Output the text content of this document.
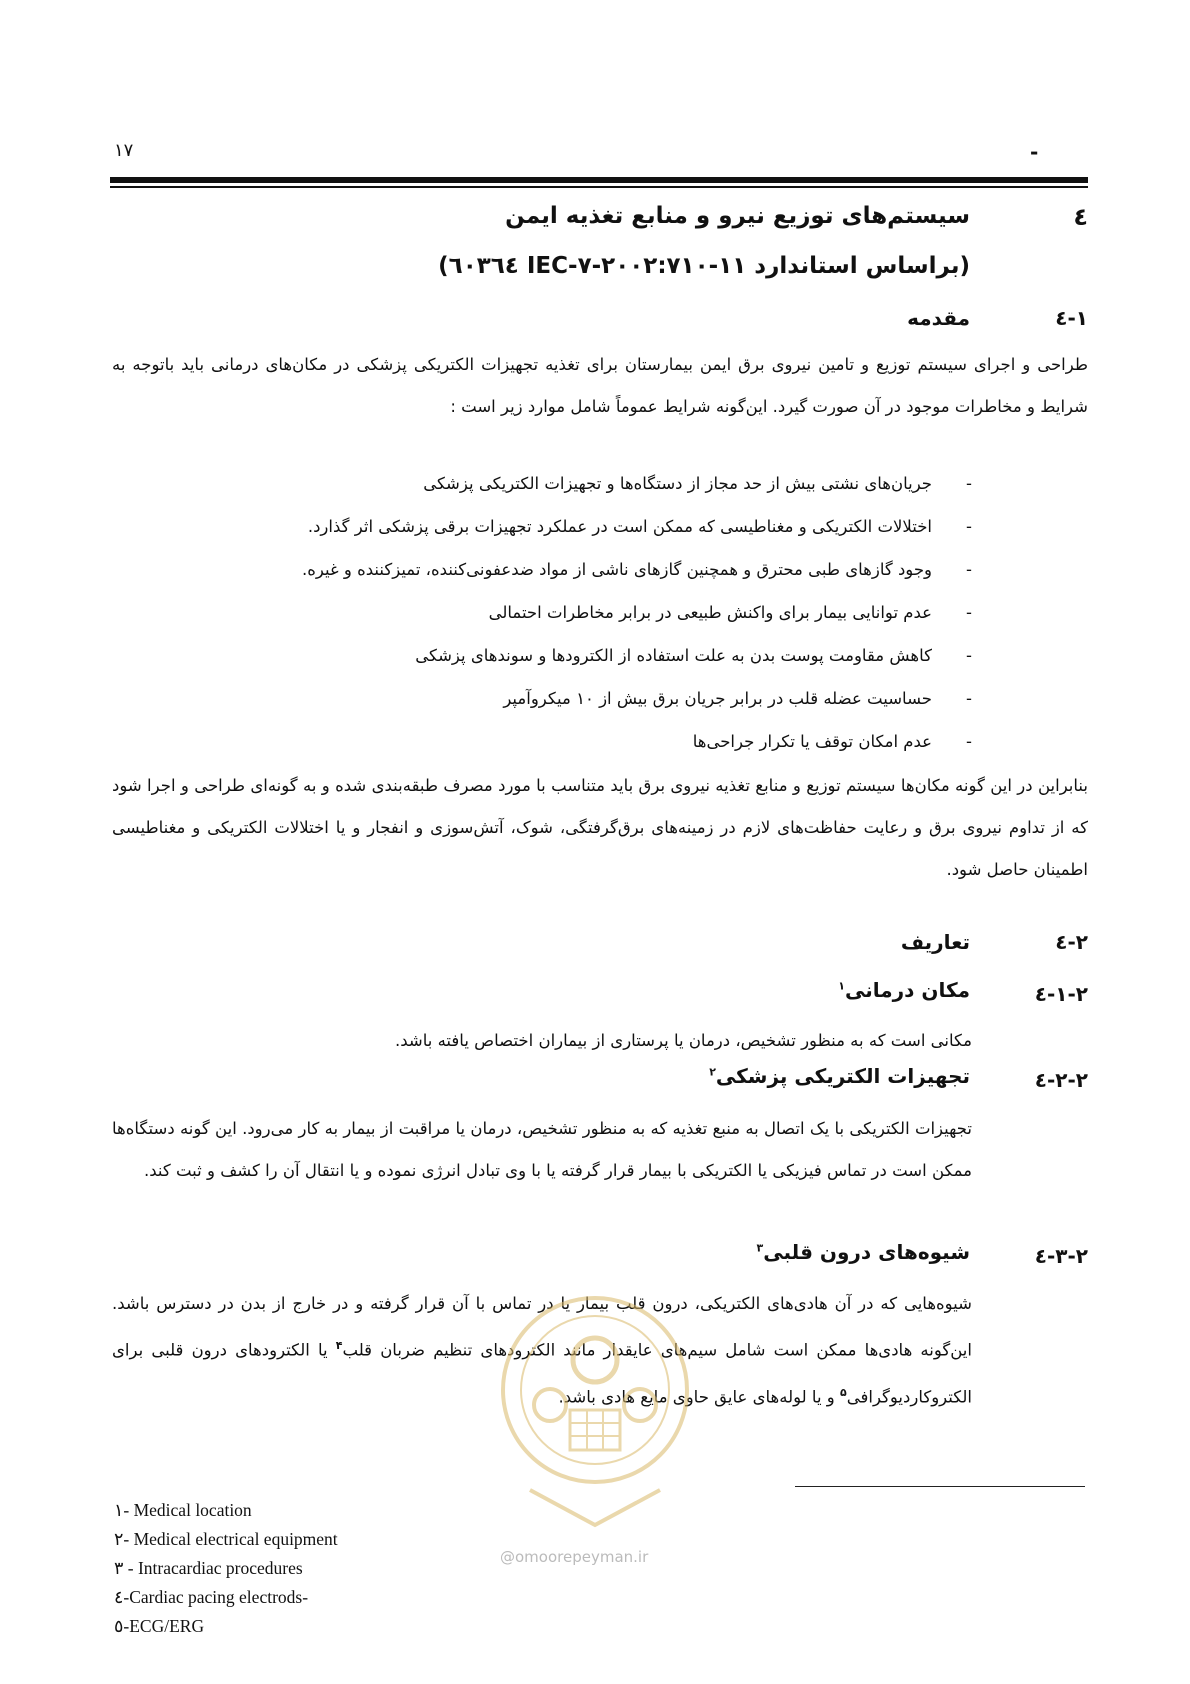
۱۷	-
٤
سیستم‌های توزیع نیرو و منابع تغذیه ایمن
(براساس استاندارد ۱۱-۲۰۰۲:۷۱۰-۷-IEC ٦٠٣٦٤)
۱-٤
مقدمه
طراحی و اجرای سیستم توزیع و تامین نیروی برق ایمن بیمارستان برای تغذیه تجهیزات الکتریکی پزشکی در مکان‌های درمانی باید باتوجه به شرایط و مخاطرات موجود در آن صورت گیرد. این‌گونه شرایط عموماً شامل موارد زیر است :
-جریان‌های نشتی بیش از حد مجاز از دستگاه‌ها و تجهیزات الکتریکی پزشکی
-اختلالات الکتریکی و مغناطیسی که ممکن است در عملکرد تجهیزات برقی پزشکی اثر گذارد.
-وجود گازهای طبی محترق و همچنین گازهای ناشی از مواد ضدعفونی‌کننده، تمیزکننده و غیره.
-عدم توانایی بیمار برای واکنش طبیعی در برابر مخاطرات احتمالی
-کاهش مقاومت پوست بدن به علت استفاده از الکترودها و سوندهای پزشکی
-حساسیت عضله قلب در برابر جریان برق بیش از ۱۰ میکروآمپر
-عدم امکان توقف یا تکرار جراحی‌ها
بنابراین در این گونه مکان‌ها سیستم توزیع و منابع تغذیه نیروی برق باید متناسب با مورد مصرف طبقه‌بندی شده و به گونه‌ای طراحی و اجرا شود که از تداوم نیروی برق و رعایت حفاظت‌های لازم در زمینه‌های برق‌گرفتگی، شوک، آتش‌سوزی و انفجار و یا اختلالات الکتریکی و مغناطیسی اطمینان حاصل شود.
۲-٤
تعاریف
۱-۲-٤
مکان درمانی$^۱$
مکانی است که به منظور تشخیص، درمان یا پرستاری از بیماران اختصاص یافته باشد.
۲-۲-٤
تجهیزات الکتریکی پزشکی$^۲$
تجهیزات الکتریکی با یک اتصال به منبع تغذیه که به منظور تشخیص، درمان یا مراقبت از بیمار به کار می‌رود. این گونه دستگاه‌ها ممکن است در تماس فیزیکی یا الکتریکی با بیمار قرار گرفته یا با وی تبادل انرژی نموده و یا انتقال آن را کشف و ثبت کند.
۳-۲-٤
شیوه‌های درون قلبی$^۳$
شیوه‌هایی که در آن هادی‌های الکتریکی، درون قلب بیمار یا در تماس با آن قرار گرفته و در خارج از بدن در دسترس باشد. این‌گونه هادی‌ها ممکن است شامل سیم‌های عایقدار مانند الکترودهای تنظیم ضربان قلب$^۴$ یا الکترودهای درون قلبی برای الکتروکاردیوگرافی$^۵$ و یا لوله‌های عایق حاوی مایع هادی باشد.
@omoorepeyman.ir
۱- Medical location
۲- Medical electrical equipment
۳ - Intracardiac procedures
٤-Cardiac pacing electrods-
٥-ECG/ERG
